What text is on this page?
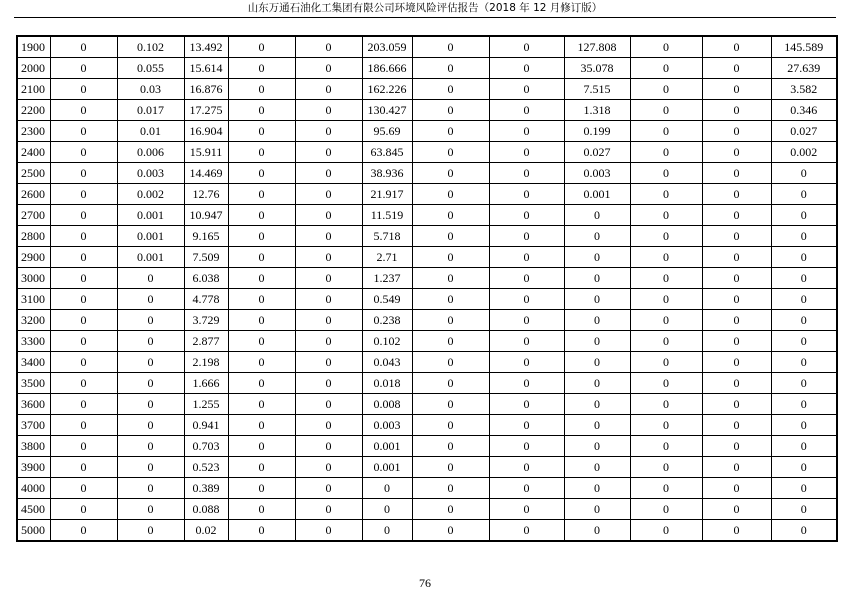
山东万通石油化工集团有限公司环境风险评估报告（2018 年 12 月修订版）
1900	0	0.102	13.492	0	0	203.059	0	0	127.808	0	0	145.589
2000	0	0.055	15.614	0	0	186.666	0	0	35.078	0	0	27.639
2100	0	0.03	16.876	0	0	162.226	0	0	7.515	0	0	3.582
2200	0	0.017	17.275	0	0	130.427	0	0	1.318	0	0	0.346
2300	0	0.01	16.904	0	0	95.69	0	0	0.199	0	0	0.027
2400	0	0.006	15.911	0	0	63.845	0	0	0.027	0	0	0.002
2500	0	0.003	14.469	0	0	38.936	0	0	0.003	0	0	0
2600	0	0.002	12.76	0	0	21.917	0	0	0.001	0	0	0
2700	0	0.001	10.947	0	0	11.519	0	0	0	0	0	0
2800	0	0.001	9.165	0	0	5.718	0	0	0	0	0	0
2900	0	0.001	7.509	0	0	2.71	0	0	0	0	0	0
3000	0	0	6.038	0	0	1.237	0	0	0	0	0	0
3100	0	0	4.778	0	0	0.549	0	0	0	0	0	0
3200	0	0	3.729	0	0	0.238	0	0	0	0	0	0
3300	0	0	2.877	0	0	0.102	0	0	0	0	0	0
3400	0	0	2.198	0	0	0.043	0	0	0	0	0	0
3500	0	0	1.666	0	0	0.018	0	0	0	0	0	0
3600	0	0	1.255	0	0	0.008	0	0	0	0	0	0
3700	0	0	0.941	0	0	0.003	0	0	0	0	0	0
3800	0	0	0.703	0	0	0.001	0	0	0	0	0	0
3900	0	0	0.523	0	0	0.001	0	0	0	0	0	0
4000	0	0	0.389	0	0	0	0	0	0	0	0	0
4500	0	0	0.088	0	0	0	0	0	0	0	0	0
5000	0	0	0.02	0	0	0	0	0	0	0	0	0
76
